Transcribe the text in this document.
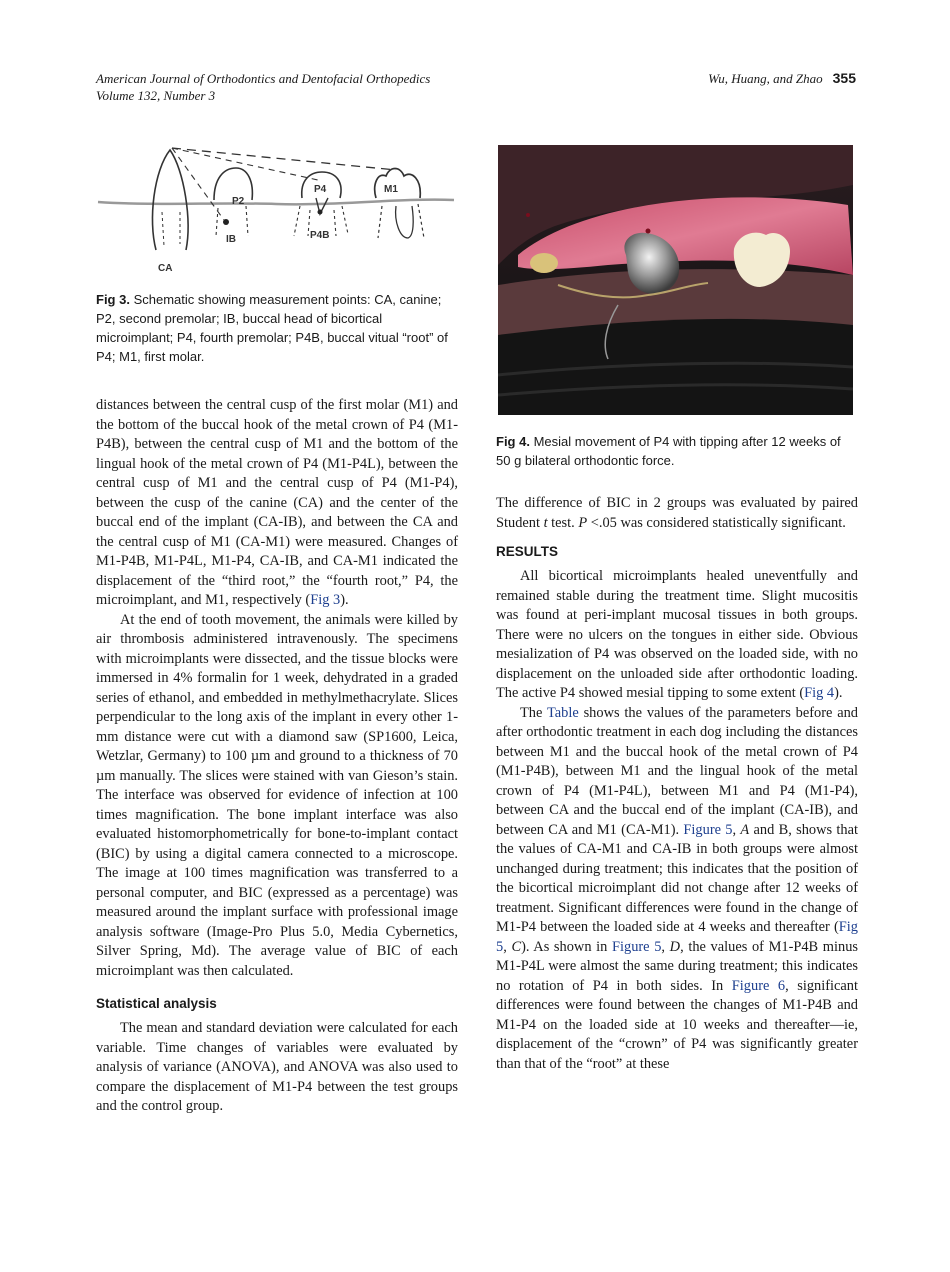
American Journal of Orthodontics and Dentofacial Orthopedics
Volume 132, Number 3
Wu, Huang, and Zhao 355
CA
P2
IB
P4
P4B
M1
Fig 3. Schematic showing measurement points: CA, canine; P2, second premolar; IB, buccal head of bicortical microimplant; P4, fourth premolar; P4B, buccal vitual “root” of P4; M1, first molar.
Fig 4. Mesial movement of P4 with tipping after 12 weeks of 50 g bilateral orthodontic force.

distances between the central cusp of the first molar (M1) and the bottom of the buccal hook of the metal crown of P4 (M1-P4B), between the central cusp of M1 and the bottom of the lingual hook of the metal crown of P4 (M1-P4L), between the central cusp of M1 and the central cusp of P4 (M1-P4), between the cusp of the canine (CA) and the center of the buccal end of the implant (CA-IB), and between the CA and the central cusp of M1 (CA-M1) were measured. Changes of M1-P4B, M1-P4L, M1-P4, CA-IB, and CA-M1 indicated the displacement of the “third root,” the “fourth root,” P4, the microimplant, and M1, respectively (Fig 3).

At the end of tooth movement, the animals were killed by air thrombosis administered intravenously. The specimens with microimplants were dissected, and the tissue blocks were immersed in 4% formalin for 1 week, dehydrated in a graded series of ethanol, and embedded in methylmethacrylate. Slices perpendicular to the long axis of the implant in every other 1-mm distance were cut with a diamond saw (SP1600, Leica, Wetzlar, Germany) to 100 µm and ground to a thickness of 70 µm manually. The slices were stained with van Gieson’s stain. The interface was observed for evidence of infection at 100 times magnification. The bone implant interface was also evaluated histomorphometrically for bone-to-implant contact (BIC) by using a digital camera connected to a microscope. The image at 100 times magnification was transferred to a personal computer, and BIC (expressed as a percentage) was measured around the implant surface with professional image analysis software (Image-Pro Plus 5.0, Media Cybernetics, Silver Spring, Md). The average value of BIC of each microimplant was then calculated.

Statistical analysis

The mean and standard deviation were calculated for each variable. Time changes of variables were evaluated by analysis of variance (ANOVA), and ANOVA was also used to compare the displacement of M1-P4 between the test groups and the control group.

The difference of BIC in 2 groups was evaluated by paired Student t test. P <.05 was considered statistically significant.

RESULTS

All bicortical microimplants healed uneventfully and remained stable during the treatment time. Slight mucositis was found at peri-implant mucosal tissues in both groups. There were no ulcers on the tongues in either side. Obvious mesialization of P4 was observed on the loaded side, with no displacement on the unloaded side after orthodontic loading. The active P4 showed mesial tipping to some extent (Fig 4).

The Table shows the values of the parameters before and after orthodontic treatment in each dog including the distances between M1 and the buccal hook of the metal crown of P4 (M1-P4B), between M1 and the lingual hook of the metal crown of P4 (M1-P4L), between M1 and P4 (M1-P4), between CA and the buccal end of the implant (CA-IB), and between CA and M1 (CA-M1). Figure 5, A and B, shows that the values of CA-M1 and CA-IB in both groups were almost unchanged during treatment; this indicates that the position of the bicortical microimplant did not change after 12 weeks of treatment. Significant differences were found in the change of M1-P4 between the loaded side at 4 weeks and thereafter (Fig 5, C). As shown in Figure 5, D, the values of M1-P4B minus M1-P4L were almost the same during treatment; this indicates no rotation of P4 in both sides. In Figure 6, significant differences were found between the changes of M1-P4B and M1-P4 on the loaded side at 10 weeks and thereafter—ie, displacement of the “crown” of P4 was significantly greater than that of the “root” at these
